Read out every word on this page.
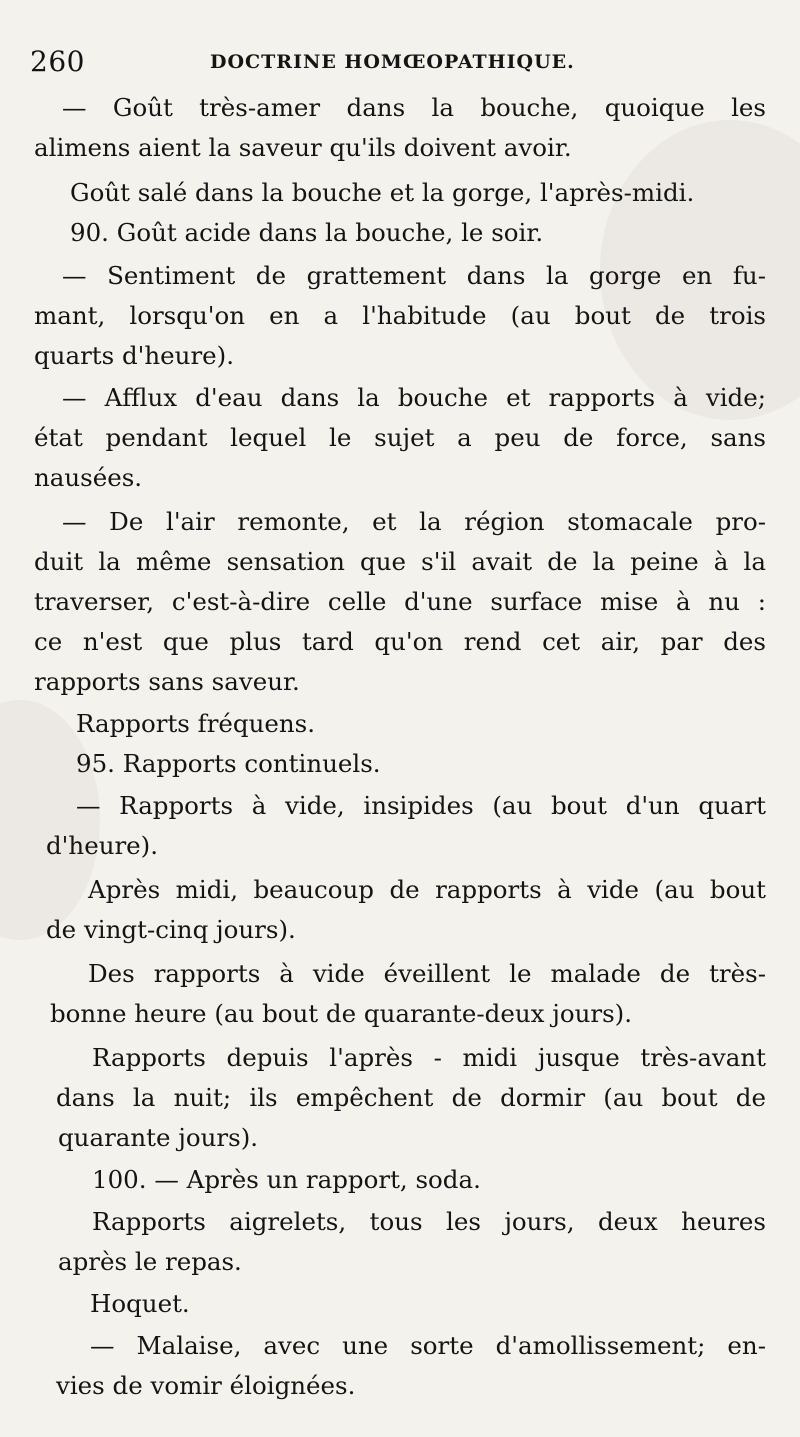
260	DOCTRINE HOMŒOPATHIQUE.
— Goût très-amer dans la bouche, quoique les
alimens aient la saveur qu'ils doivent avoir.
Goût salé dans la bouche et la gorge, l'après-midi.
90. Goût acide dans la bouche, le soir.
— Sentiment de grattement dans la gorge en fu-
mant, lorsqu'on en a l'habitude (au bout de trois
quarts d'heure).
— Afflux d'eau dans la bouche et rapports à vide;
état pendant lequel le sujet a peu de force, sans
nausées.
— De l'air remonte, et la région stomacale pro-
duit la même sensation que s'il avait de la peine à la
traverser, c'est-à-dire celle d'une surface mise à nu :
ce n'est que plus tard qu'on rend cet air, par des
rapports sans saveur.
Rapports fréquens.
95. Rapports continuels.
— Rapports à vide, insipides (au bout d'un quart
d'heure).
Après midi, beaucoup de rapports à vide (au bout
de vingt-cinq jours).
Des rapports à vide éveillent le malade de très-
bonne heure (au bout de quarante-deux jours).
Rapports depuis l'après - midi jusque très-avant
dans la nuit; ils empêchent de dormir (au bout de
quarante jours).
100. — Après un rapport, soda.
Rapports aigrelets, tous les jours, deux heures
après le repas.
Hoquet.
— Malaise, avec une sorte d'amollissement; en-
vies de vomir éloignées.
